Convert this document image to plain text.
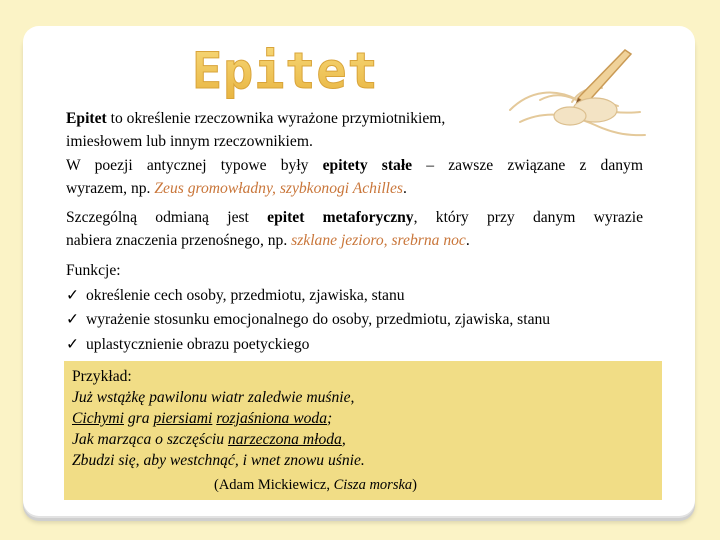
Epitet
Epitet to określenie rzeczownika wyrażone przymiotnikiem,
imiesłowem lub innym rzeczownikiem.
W poezji antycznej typowe były epitety stałe – zawsze związane z danym
wyrazem, np. Zeus gromowładny, szybkonogi Achilles.
Szczególną odmianą jest epitet metaforyczny, który przy danym wyrazie
nabiera znaczenia przenośnego, np. szklane jezioro, srebrna noc.
Funkcje:
✓ określenie cech osoby, przedmiotu, zjawiska, stanu
✓ wyrażenie stosunku emocjonalnego do osoby, przedmiotu, zjawiska, stanu
✓ uplastycznienie obrazu poetyckiego
Przykład:
Już wstążkę pawilonu wiatr zaledwie muśnie,
Cichymi gra piersiami rozjaśniona woda;
Jak marząca o szczęściu narzeczona młoda,
Zbudzi się, aby westchnąć, i wnet znowu uśnie.
(Adam Mickiewicz, Cisza morska)
